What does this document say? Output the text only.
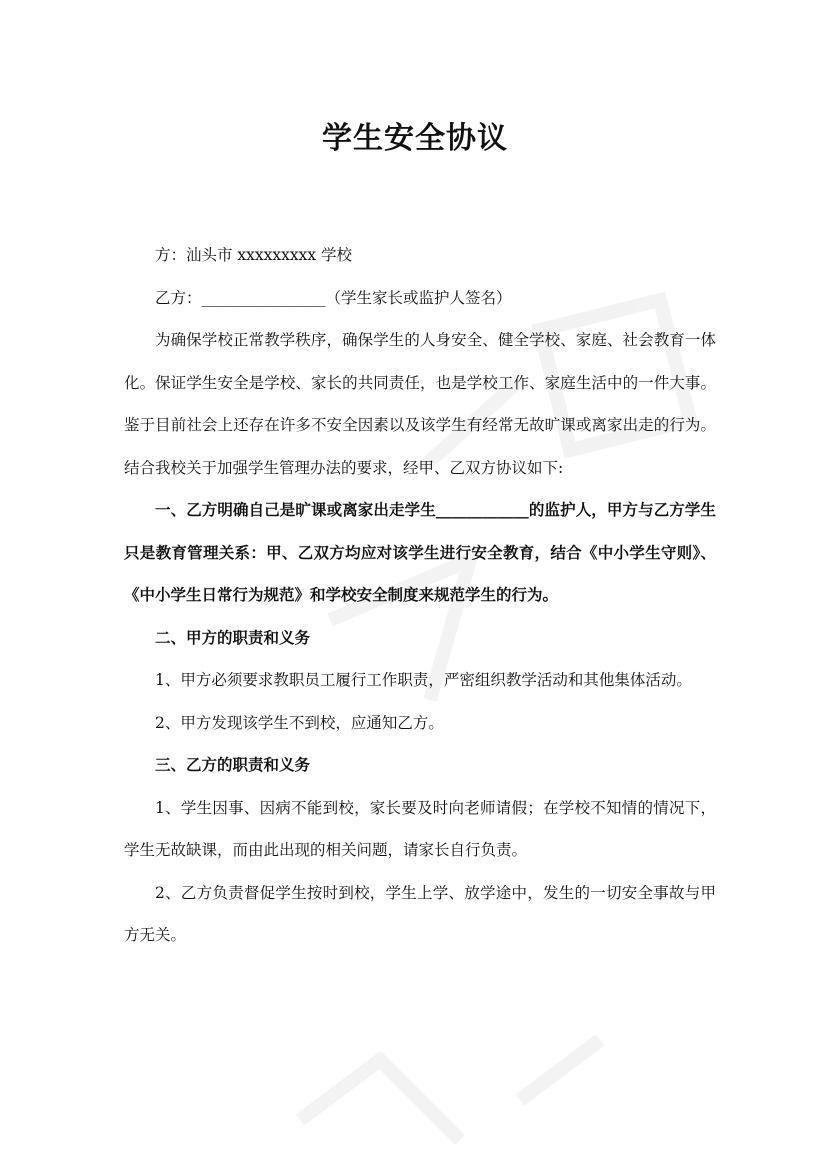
学生安全协议

方：汕头市 xxxxxxxxx 学校

乙方：________________（学生家长或监护人签名）

为确保学校正常教学秩序，确保学生的人身安全、健全学校、家庭、社会教育一体化。保证学生安全是学校、家长的共同责任，也是学校工作、家庭生活中的一件大事。鉴于目前社会上还存在许多不安全因素以及该学生有经常无故旷课或离家出走的行为。结合我校关于加强学生管理办法的要求，经甲、乙双方协议如下:

一、乙方明确自己是旷课或离家出走学生____________的监护人，甲方与乙方学生只是教育管理关系：甲、乙双方均应对该学生进行安全教育，结合《中小学生守则》、《中小学生日常行为规范》和学校安全制度来规范学生的行为。

二、甲方的职责和义务

1、甲方必须要求教职员工履行工作职责，严密组织教学活动和其他集体活动。

2、甲方发现该学生不到校，应通知乙方。

三、乙方的职责和义务

1、学生因事、因病不能到校，家长要及时向老师请假；在学校不知情的情况下，学生无故缺课，而由此出现的相关问题，请家长自行负责。

2、乙方负责督促学生按时到校，学生上学、放学途中，发生的一切安全事故与甲方无关。
